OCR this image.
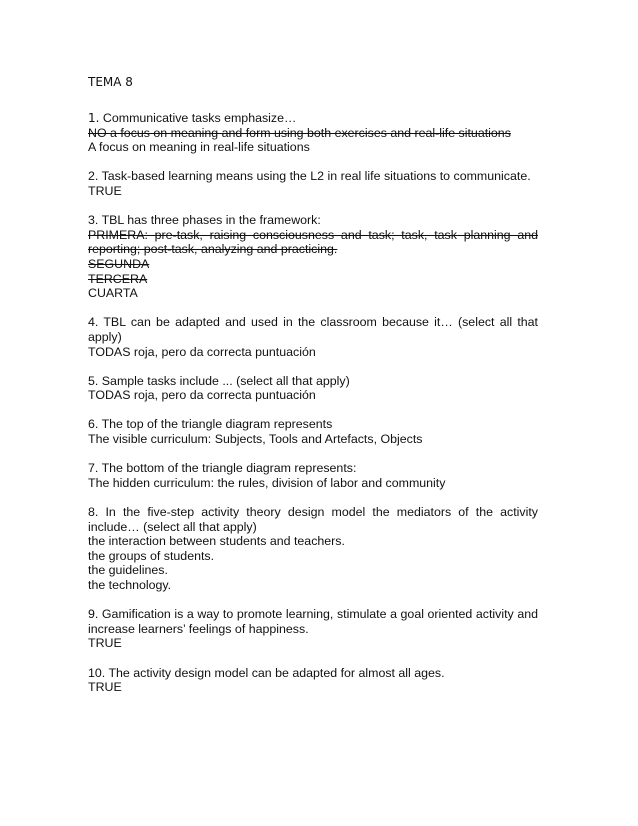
TEMA 8
1. Communicative tasks emphasize…
NO a focus on meaning and form using both exercises and real-life situations
A focus on meaning in real-life situations
2. Task-based learning means using the L2 in real life situations to communicate.
TRUE
3. TBL has three phases in the framework:
PRIMERA: pre-task, raising consciousness and task; task, task planning and reporting; post-task, analyzing and practicing.
SEGUNDA
TERCERA
CUARTA
4. TBL can be adapted and used in the classroom because it… (select all that apply)
TODAS roja, pero da correcta puntuación
5. Sample tasks include ... (select all that apply)
TODAS roja, pero da correcta puntuación
6. The top of the triangle diagram represents
The visible curriculum: Subjects, Tools and Artefacts, Objects
7. The bottom of the triangle diagram represents:
The hidden curriculum: the rules, division of labor and community
8. In the five-step activity theory design model the mediators of the activity include… (select all that apply)
the interaction between students and teachers.
the groups of students.
the guidelines.
the technology.
9. Gamification is a way to promote learning, stimulate a goal oriented activity and increase learners’ feelings of happiness.
TRUE
10. The activity design model can be adapted for almost all ages.
TRUE
